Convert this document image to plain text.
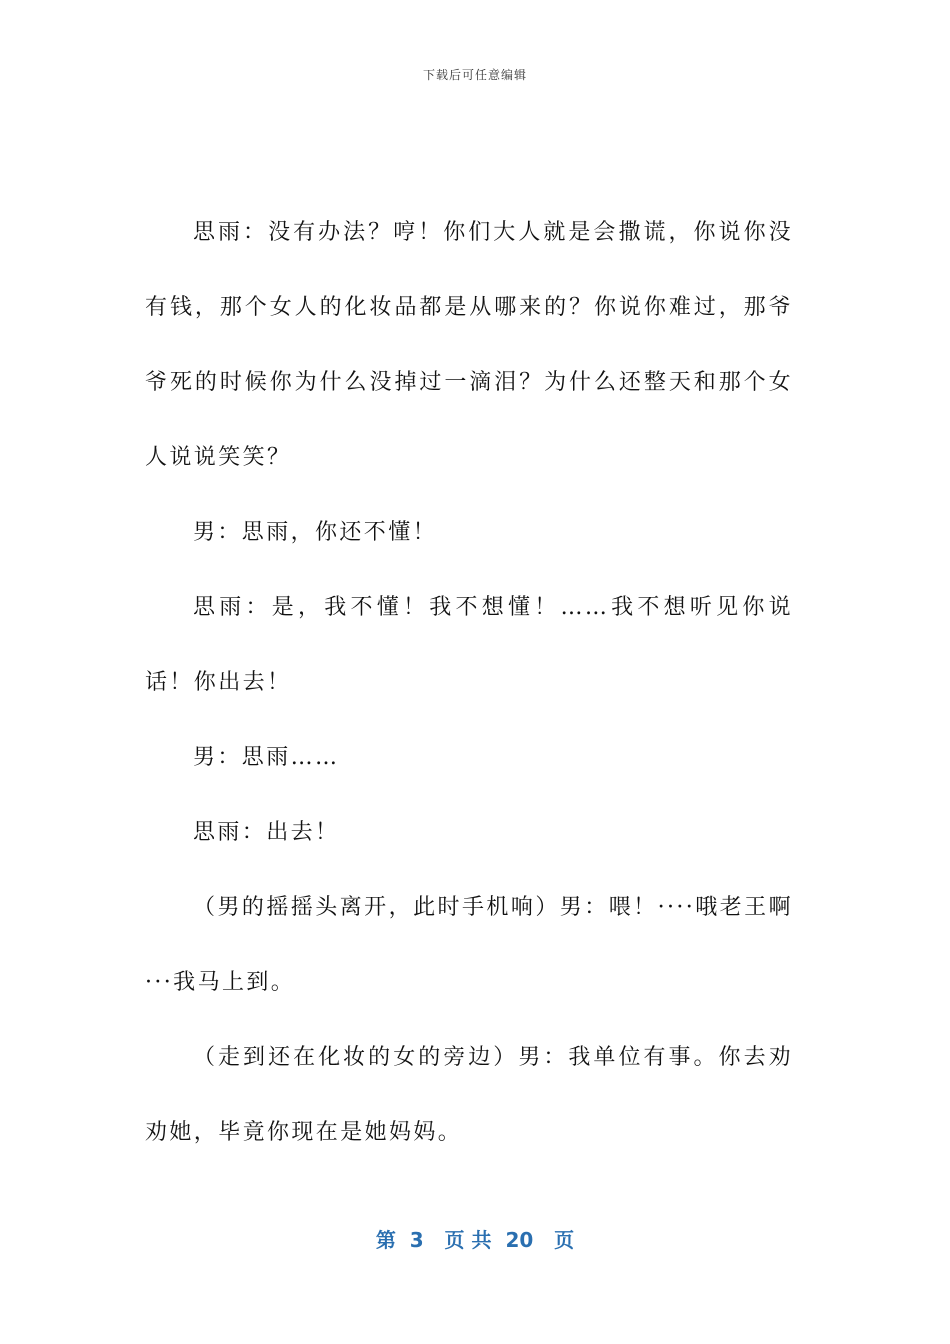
下载后可任意编辑

思雨：没有办法？哼！你们大人就是会撒谎，你说你没有钱，那个女人的化妆品都是从哪来的？你说你难过，那爷爷死的时候你为什么没掉过一滴泪？为什么还整天和那个女人说说笑笑？

男：思雨，你还不懂！

思雨：是，我不懂！我不想懂！……我不想听见你说话！你出去！

男：思雨……

思雨：出去！

（男的摇摇头离开，此时手机响）男：喂！····哦老王啊···我马上到。

（走到还在化妆的女的旁边）男：我单位有事。你去劝劝她，毕竟你现在是她妈妈。

第  3   页 共  20   页
